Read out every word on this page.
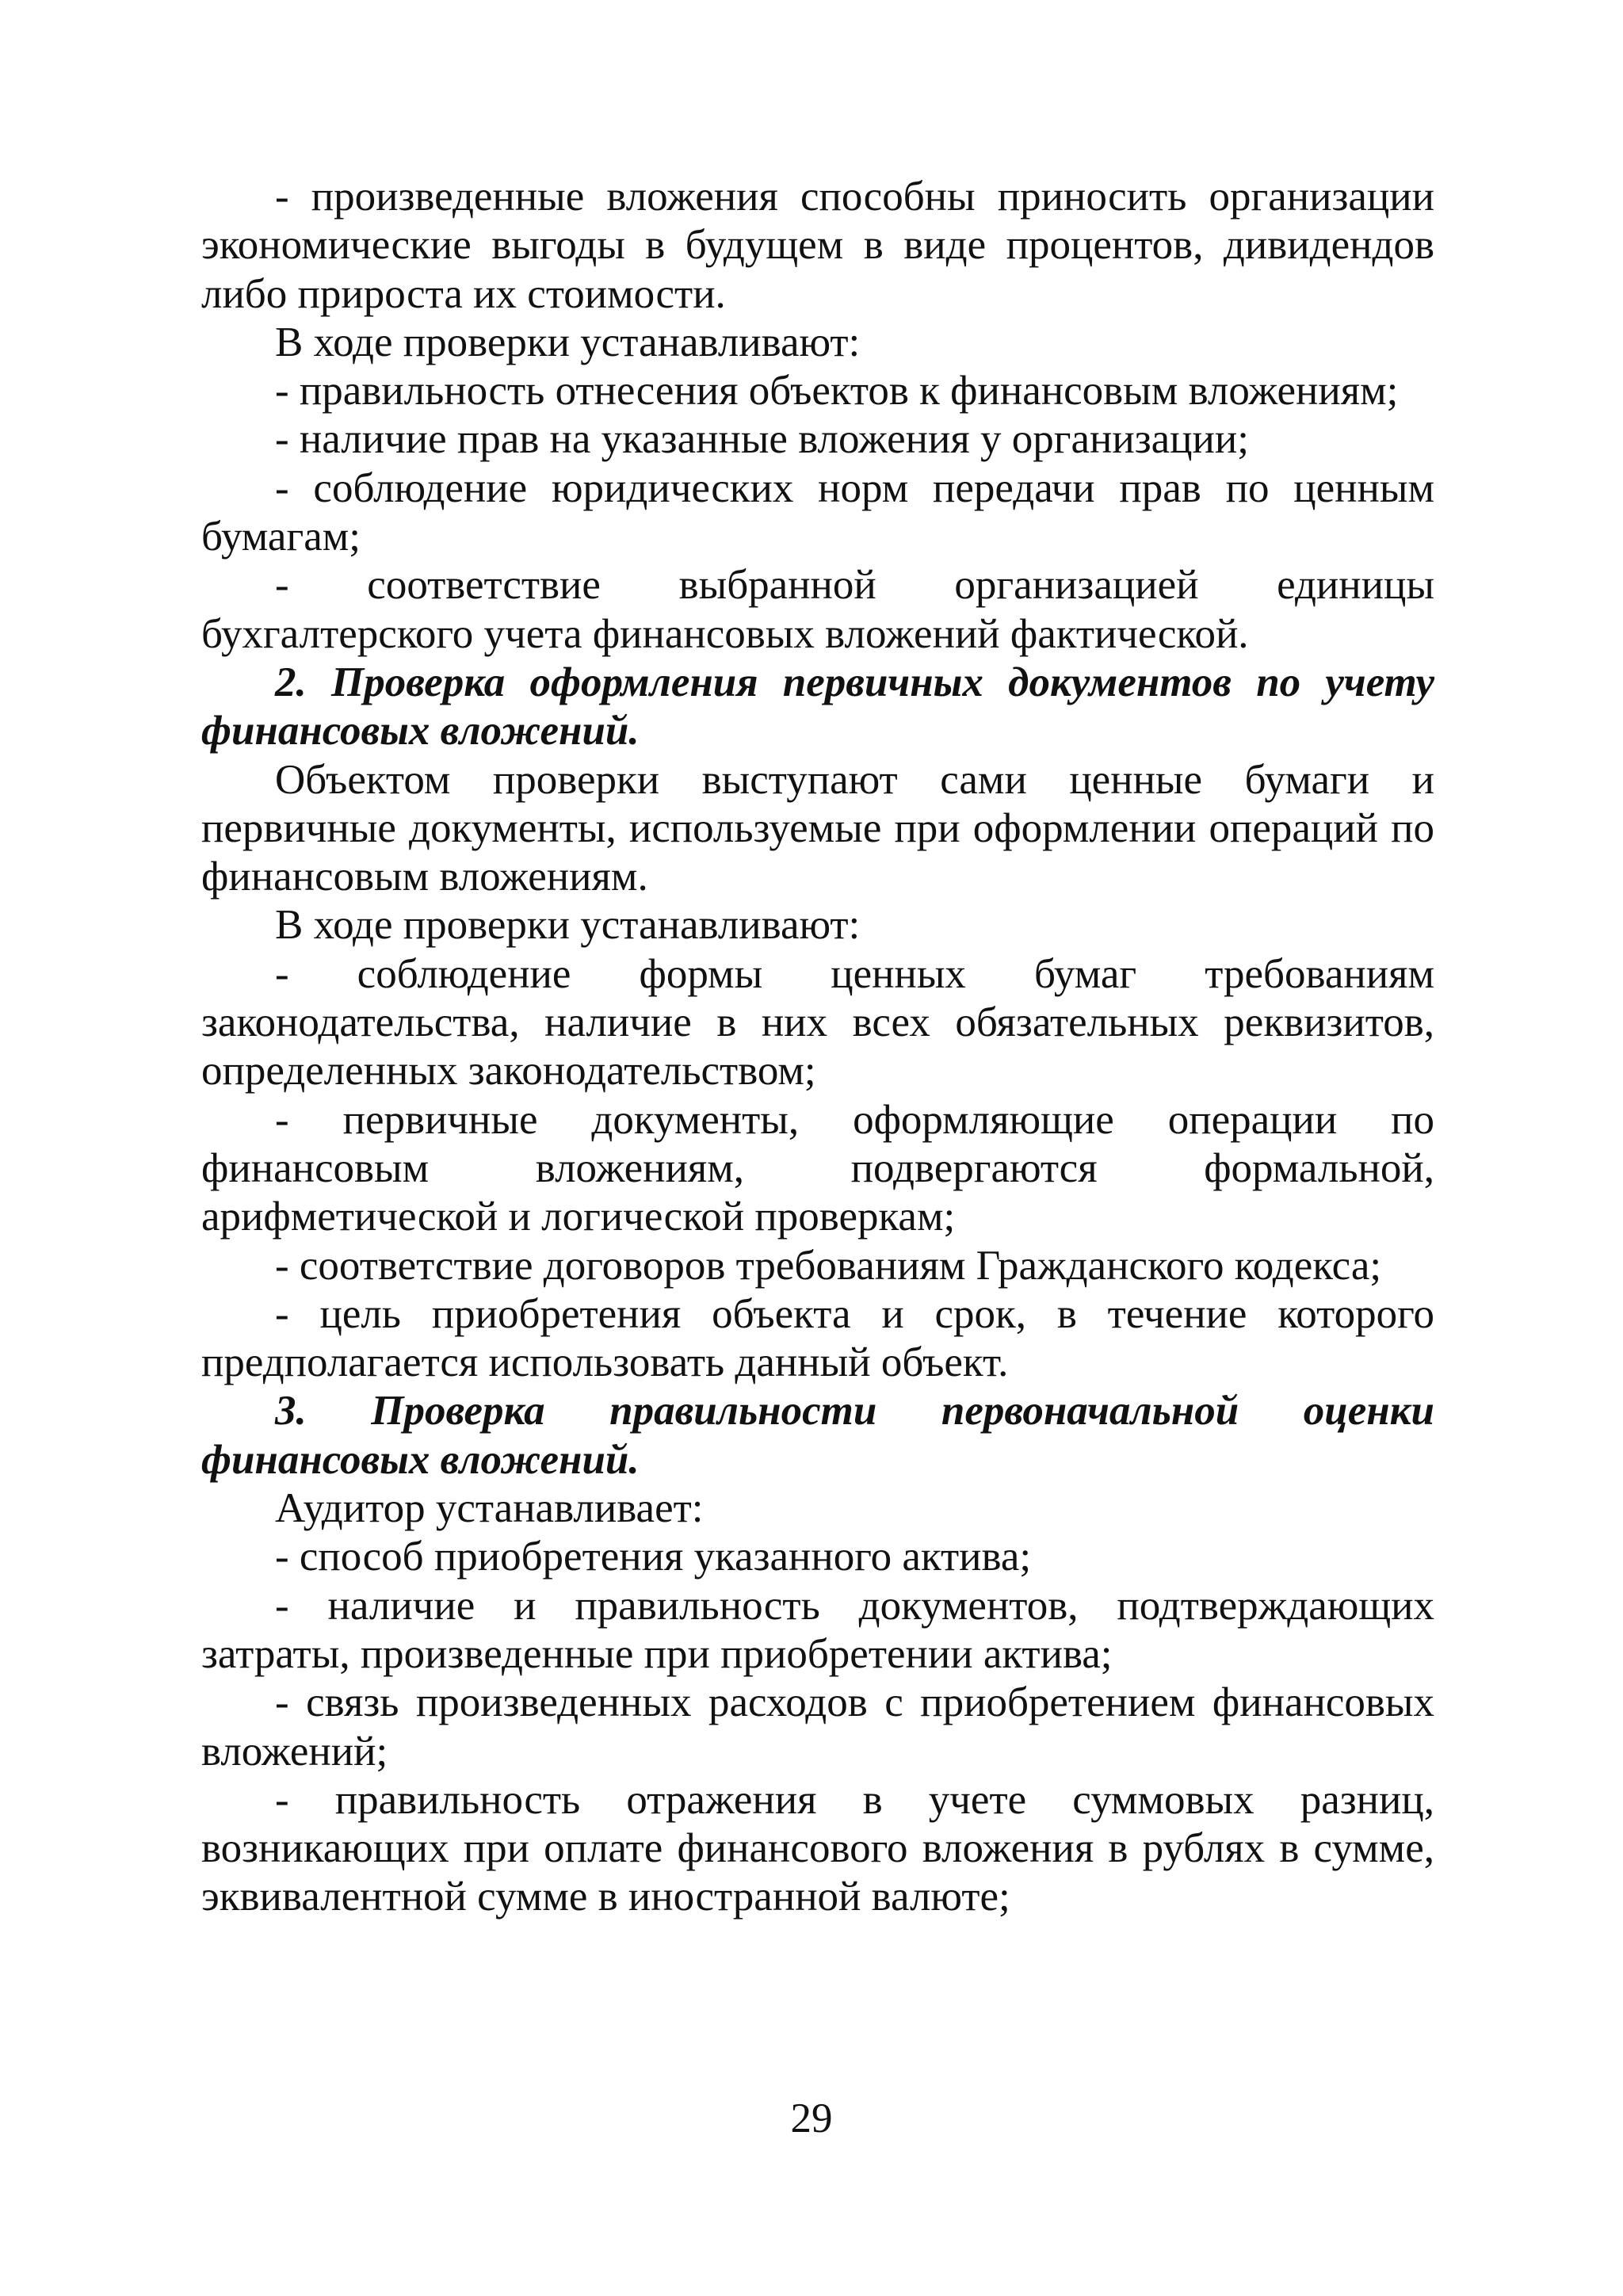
- произведенные вложения способны приносить организации экономические выгоды в будущем в виде процентов, дивидендов либо прироста их стоимости.

В ходе проверки устанавливают:

- правильность отнесения объектов к финансовым вложениям;

- наличие прав на указанные вложения у организации;

- соблюдение юридических норм передачи прав по ценным бумагам;

- соответствие выбранной организацией единицы бухгалтерского учета финансовых вложений фактической.

2. Проверка оформления первичных документов по учету финансовых вложений.

Объектом проверки выступают сами ценные бумаги и первичные документы, используемые при оформлении операций по финансовым вложениям.

В ходе проверки устанавливают:

- соблюдение формы ценных бумаг требованиям законодательства, наличие в них всех обязательных реквизитов, определенных законодательством;

- первичные документы, оформляющие операции по финансовым вложениям, подвергаются формальной, арифметической и логической проверкам;

- соответствие договоров требованиям Гражданского кодекса;

- цель приобретения объекта и срок, в течение которого предполагается использовать данный объект.

3. Проверка правильности первоначальной оценки финансовых вложений.

Аудитор устанавливает:

- способ приобретения указанного актива;

- наличие и правильность документов, подтверждающих затраты, произведенные при приобретении актива;

- связь произведенных расходов с приобретением финансовых вложений;

- правильность отражения в учете суммовых разниц, возникающих при оплате финансового вложения в рублях в сумме, эквивалентной сумме в иностранной валюте;

29
